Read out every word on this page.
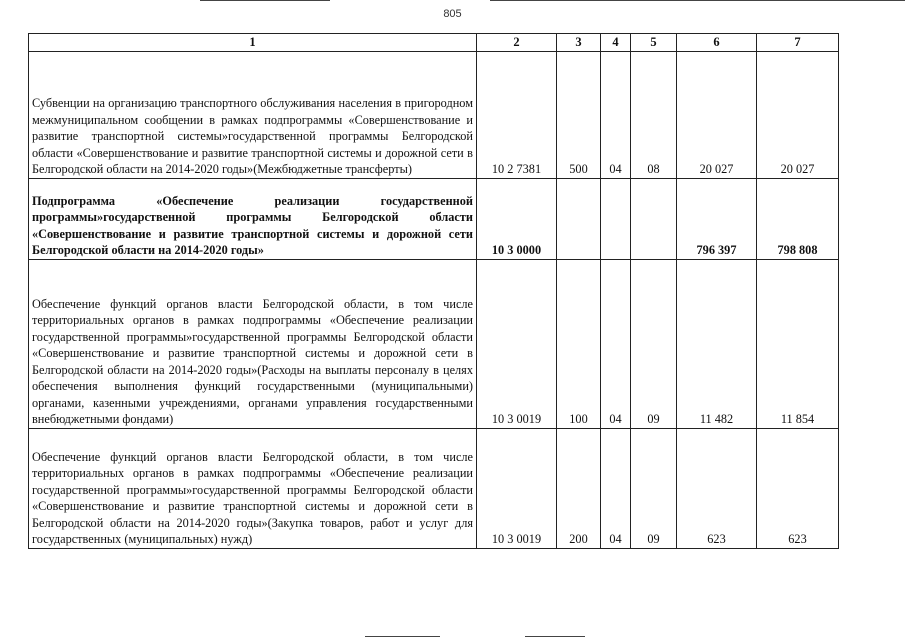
805
1	2	3	4	5	6	7
Субвенции на организацию транспортного обслуживания населения в пригородном межмуниципальном сообщении в рамках подпрограммы «Совершенствование и развитие транспортной системы»государственной программы Белгородской области «Совершенствование и развитие транспортной системы и дорожной сети в Белгородской области на 2014-2020 годы»(Межбюджетные трансферты)	10 2 7381	500	04	08	20 027	20 027
Подпрограмма «Обеспечение реализации государственной программы»государственной программы Белгородской области «Совершенствование и развитие транспортной системы и дорожной сети Белгородской области на 2014-2020 годы»	10 3 0000				796 397	798 808
Обеспечение функций органов власти Белгородской области, в том числе территориальных органов в рамках подпрограммы «Обеспечение реализации государственной программы»государственной программы Белгородской области «Совершенствование и развитие транспортной системы и дорожной сети в Белгородской области на 2014-2020 годы»(Расходы на выплаты персоналу в целях обеспечения выполнения функций государственными (муниципальными) органами, казенными учреждениями, органами управления государственными внебюджетными фондами)	10 3 0019	100	04	09	11 482	11 854
Обеспечение функций органов власти Белгородской области, в том числе территориальных органов в рамках подпрограммы «Обеспечение реализации государственной программы»государственной программы Белгородской области «Совершенствование и развитие транспортной системы и дорожной сети в Белгородской области на 2014-2020 годы»(Закупка товаров, работ и услуг для государственных (муниципальных) нужд)	10 3 0019	200	04	09	623	623
